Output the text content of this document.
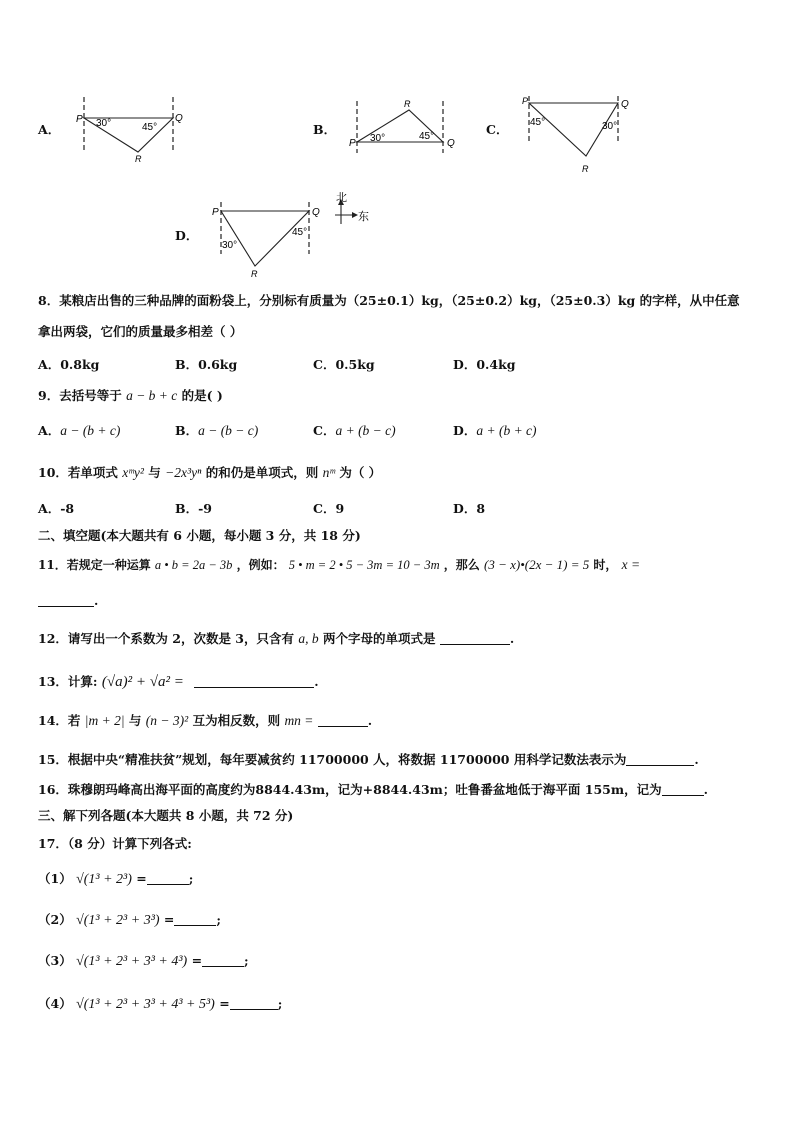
A．
P	Q
R
30°	45°	B．
P	Q
R
30°	45°	C．
P	Q
R
45°	30°
D．
P	Q
R
30°
45°
北
东
8．某粮店出售的三种品牌的面粉袋上，分别标有质量为（25±0.1）kg，（25±0.2）kg，（25±0.3）kg 的字样，从中任意
拿出两袋，它们的质量最多相差（ ）
A．0.8kg	B．0.6kg	C．0.5kg	D．0.4kg
9．去括号等于 a − b + c 的是( )
A．a − (b + c)	B．a − (b − c)	C．a + (b − c)	D．a + (b + c)
10．若单项式 xᵐy² 与 −2x³yⁿ 的和仍是单项式，则 nᵐ 为（ ）
A．-8	B．-9	C．9	D．8
二、填空题(本大题共有 6 小题，每小题 3 分，共 18 分)
11．若规定一种运算 a • b = 2a − 3b ，例如： 5 • m = 2 • 5 − 3m = 10 − 3m ，那么 (3 − x)•(2x − 1) = 5 时， x =
.
12．请写出一个系数为 2，次数是 3，只含有 a, b 两个字母的单项式是	.
13．计算: (√a)² + √a² =	.
14．若 |m + 2| 与 (n − 3)² 互为相反数，则 mn =	.
15．根据中央“精准扶贫”规划，每年要减贫约 11700000 人，将数据 11700000 用科学记数法表示为	.
16．珠穆朗玛峰高出海平面的高度约为8844.43m，记为+8844.43m；吐鲁番盆地低于海平面 155m，记为	.
三、解下列各题(本大题共 8 小题，共 72 分)
17．（8 分）计算下列各式:
（1） √(1³ + 2³) =	;
（2） √(1³ + 2³ + 3³) =	;
（3） √(1³ + 2³ + 3³ + 4³) =	;
（4） √(1³ + 2³ + 3³ + 4³ + 5³) =	;
